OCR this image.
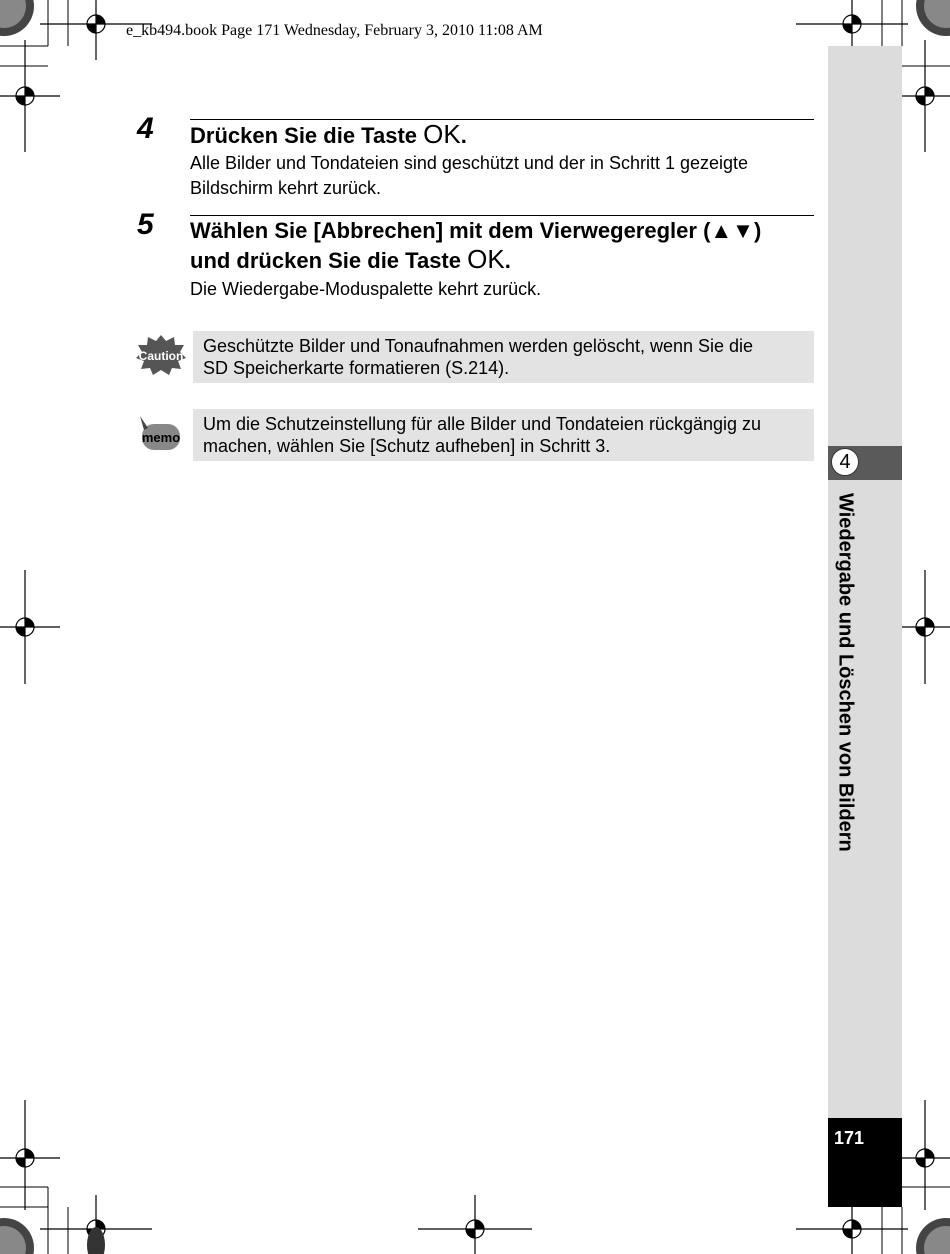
e_kb494.book Page 171 Wednesday, February 3, 2010 11:08 AM
4
Wiedergabe und Löschen von Bildern
171
4 Drücken Sie die Taste OK.
Alle Bilder und Tondateien sind geschützt und der in Schritt 1 gezeigte
Bildschirm kehrt zurück.
5 Wählen Sie [Abbrechen] mit dem Vierwegeregler (▲▼)
und drücken Sie die Taste OK.
Die Wiedergabe-Moduspalette kehrt zurück.
Caution Geschützte Bilder und Tonaufnahmen werden gelöscht, wenn Sie die
SD Speicherkarte formatieren (S.214).
memo
Um die Schutzeinstellung für alle Bilder und Tondateien rückgängig zu
machen, wählen Sie [Schutz aufheben] in Schritt 3.
